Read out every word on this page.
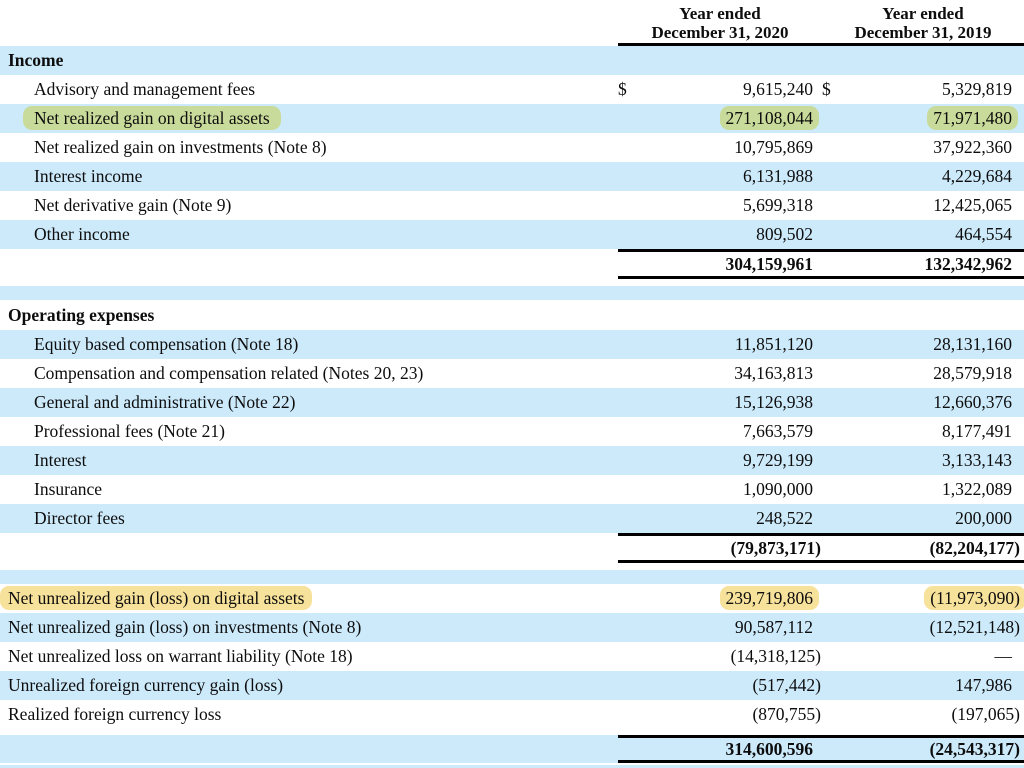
Year ended
December 31, 2020
Year ended
December 31, 2019
Income
Advisory and management fees	$	9,615,240 $	5,329,819
Net realized gain on digital assets	271,108,044	71,971,480
Net realized gain on investments (Note 8)	10,795,869	37,922,360
Interest income	6,131,988	4,229,684
Net derivative gain (Note 9)	5,699,318	12,425,065
Other income	809,502	464,554
304,159,961	132,342,962
Operating expenses
Equity based compensation (Note 18)	11,851,120	28,131,160
Compensation and compensation related (Notes 20, 23)	34,163,813	28,579,918
General and administrative (Note 22)	15,126,938	12,660,376
Professional fees (Note 21)	7,663,579	8,177,491
Interest	9,729,199	3,133,143
Insurance	1,090,000	1,322,089
Director fees	248,522	200,000
(79,873,171)	(82,204,177)
Net unrealized gain (loss) on digital assets	239,719,806	(11,973,090)
Net unrealized gain (loss) on investments (Note 8)	90,587,112	(12,521,148)
Net unrealized loss on warrant liability (Note 18)	(14,318,125)	—
Unrealized foreign currency gain (loss)	(517,442)	147,986
Realized foreign currency loss	(870,755)	(197,065)
314,600,596	(24,543,317)
